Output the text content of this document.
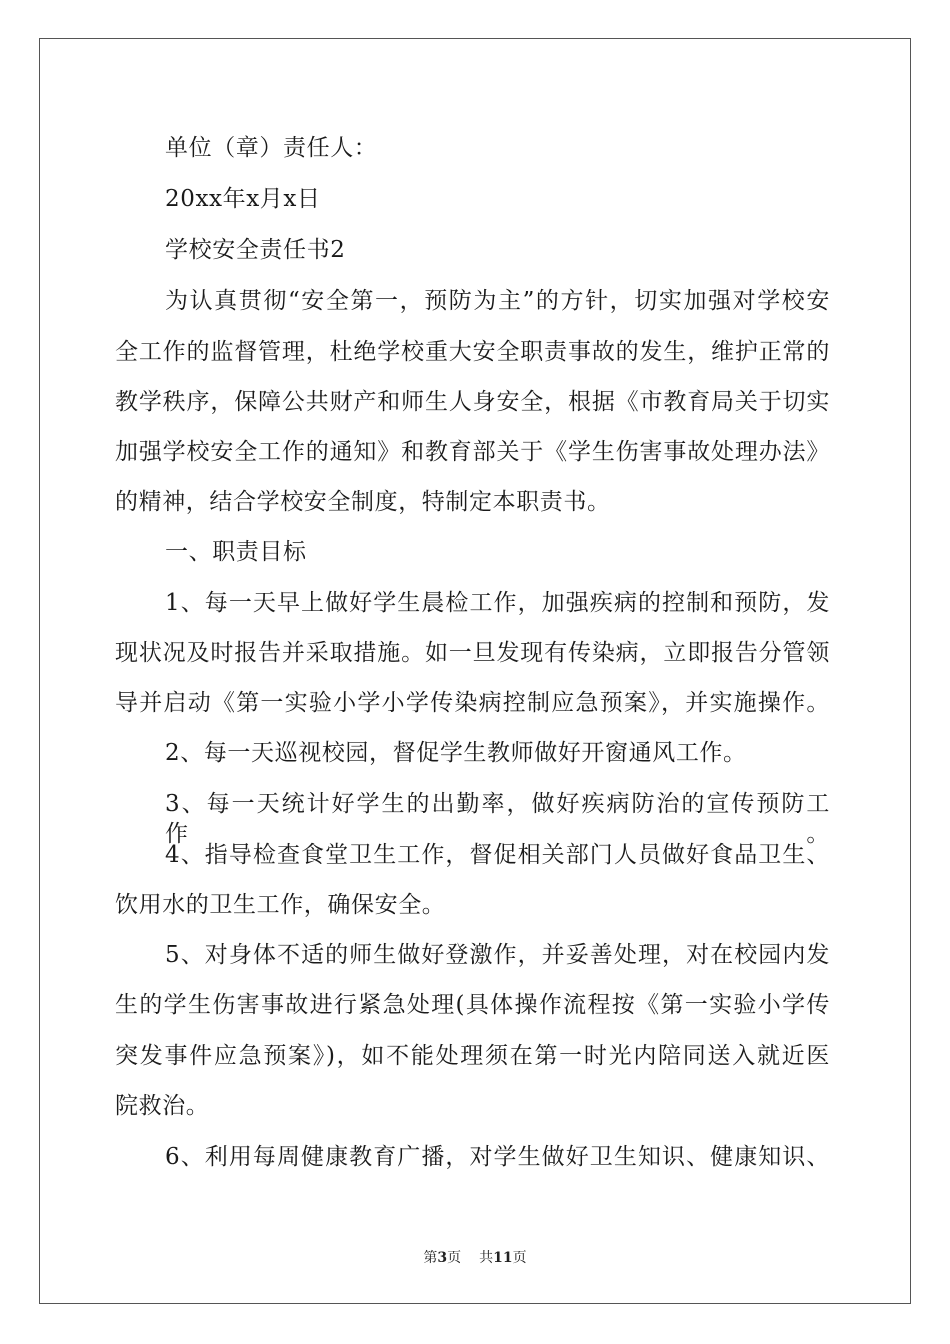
单位（章）责任人：
20xx年x月x日
学校安全责任书2
为认真贯彻“安全第一，预防为主”的方针，切实加强对学校安
全工作的监督管理，杜绝学校重大安全职责事故的发生，维护正常的
教学秩序，保障公共财产和师生人身安全，根据《市教育局关于切实
加强学校安全工作的通知》和教育部关于《学生伤害事故处理办法》
的精神，结合学校安全制度，特制定本职责书。
一、职责目标
1、每一天早上做好学生晨检工作，加强疾病的控制和预防，发
现状况及时报告并采取措施。如一旦发现有传染病，立即报告分管领
导并启动《第一实验小学小学传染病控制应急预案》，并实施操作。
2、每一天巡视校园，督促学生教师做好开窗通风工作。
3、每一天统计好学生的出勤率，做好疾病防治的宣传预防工作。
4、指导检查食堂卫生工作，督促相关部门人员做好食品卫生、
饮用水的卫生工作，确保安全。
5、对身体不适的师生做好登激作，并妥善处理，对在校园内发
生的学生伤害事故进行紧急处理(具体操作流程按《第一实验小学传
突发事件应急预案》)，如不能处理须在第一时光内陪同送入就近医
院救治。
6、利用每周健康教育广播，对学生做好卫生知识、健康知识、
第3页 共11页
